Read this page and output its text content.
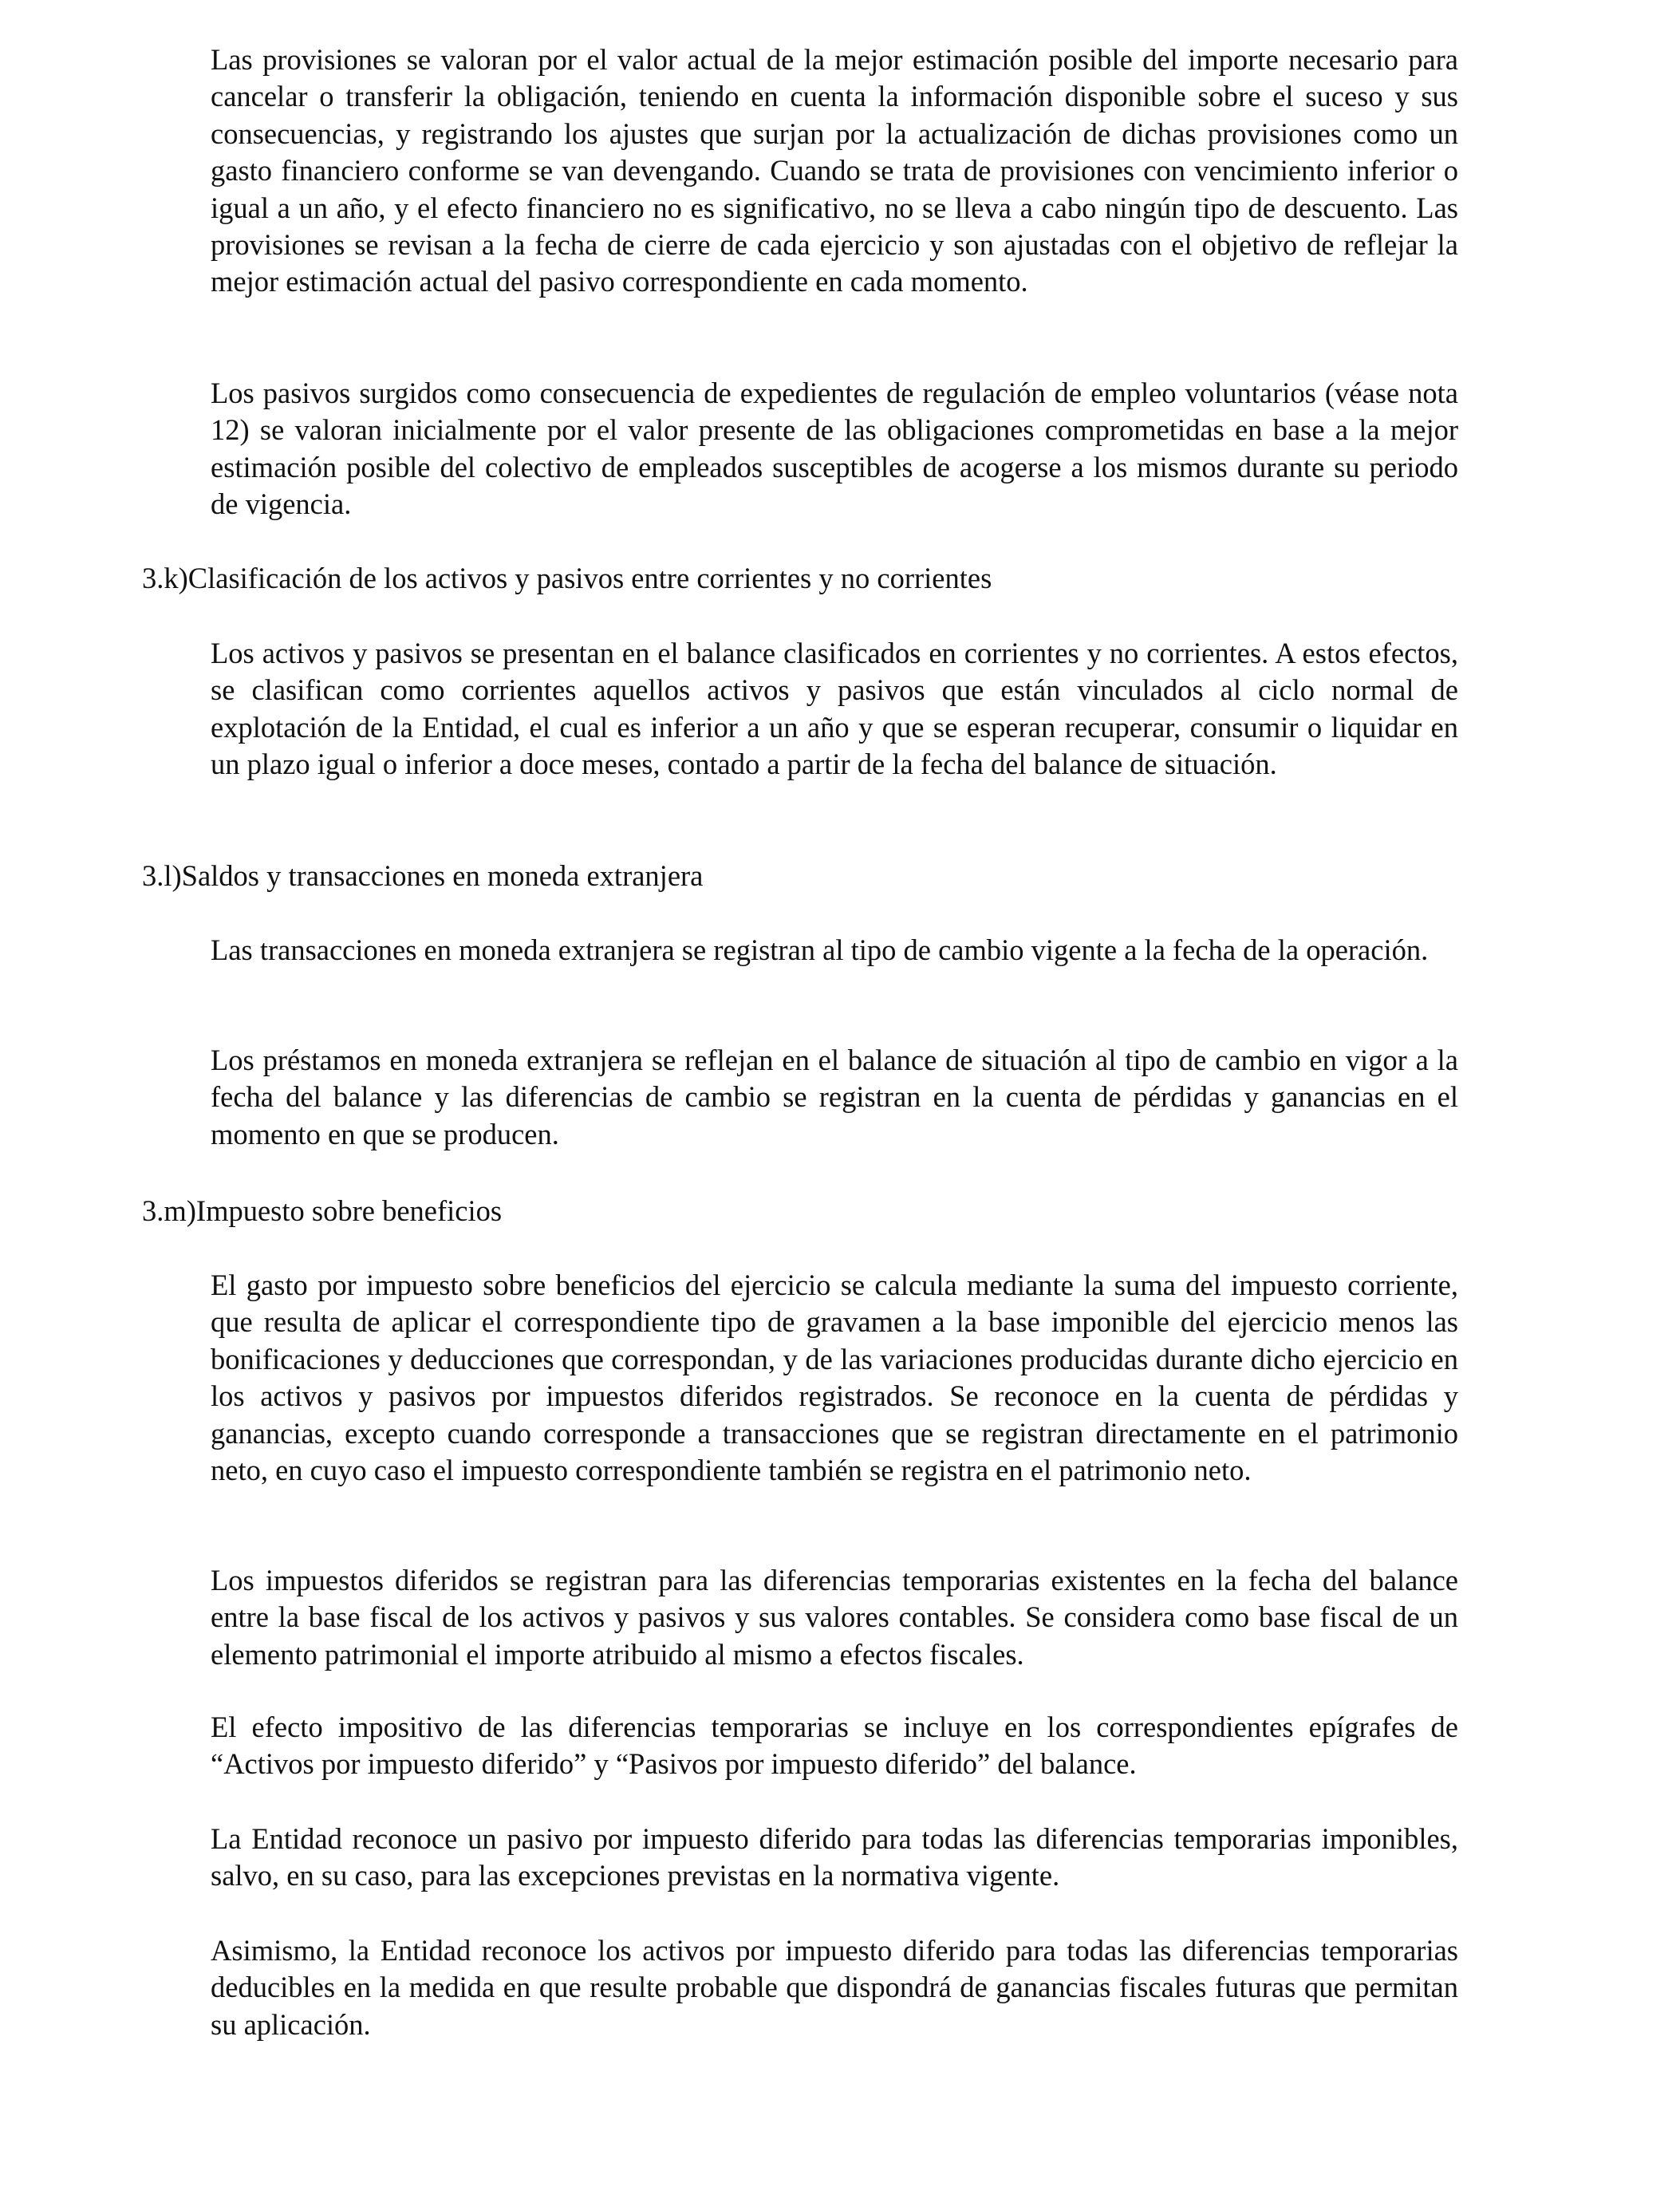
Las provisiones se valoran por el valor actual de la mejor estimación posible del importe necesario para cancelar o transferir la obligación, teniendo en cuenta la información disponible sobre el suceso y sus consecuencias, y registrando los ajustes que surjan por la actualización de dichas provisiones como un gasto financiero conforme se van devengando. Cuando se trata de provisiones con vencimiento inferior o igual a un año, y el efecto financiero no es significativo, no se lleva a cabo ningún tipo de descuento. Las provisiones se revisan a la fecha de cierre de cada ejercicio y son ajustadas con el objetivo de reflejar la mejor estimación actual del pasivo correspondiente en cada momento.

Los pasivos surgidos como consecuencia de expedientes de regulación de empleo voluntarios (véase nota 12) se valoran inicialmente por el valor presente de las obligaciones comprometidas en base a la mejor estimación posible del colectivo de empleados susceptibles de acogerse a los mismos durante su periodo de vigencia.

3.k)Clasificación de los activos y pasivos entre corrientes y no corrientes

Los activos y pasivos se presentan en el balance clasificados en corrientes y no corrientes. A estos efectos, se clasifican como corrientes aquellos activos y pasivos que están vinculados al ciclo normal de explotación de la Entidad, el cual es inferior a un año y que se esperan recuperar, consumir o liquidar en un plazo igual o inferior a doce meses, contado a partir de la fecha del balance de situación.

3.l)Saldos y transacciones en moneda extranjera

Las transacciones en moneda extranjera se registran al tipo de cambio vigente a la fecha de la operación.

Los préstamos en moneda extranjera se reflejan en el balance de situación al tipo de cambio en vigor a la fecha del balance y las diferencias de cambio se registran en la cuenta de pérdidas y ganancias en el momento en que se producen.

3.m)Impuesto sobre beneficios

El gasto por impuesto sobre beneficios del ejercicio se calcula mediante la suma del impuesto corriente, que resulta de aplicar el correspondiente tipo de gravamen a la base imponible del ejercicio menos las bonificaciones y deducciones que correspondan, y de las variaciones producidas durante dicho ejercicio en los activos y pasivos por impuestos diferidos registrados. Se reconoce en la cuenta de pérdidas y ganancias, excepto cuando corresponde a transacciones que se registran directamente en el patrimonio neto, en cuyo caso el impuesto correspondiente también se registra en el patrimonio neto.

Los impuestos diferidos se registran para las diferencias temporarias existentes en la fecha del balance entre la base fiscal de los activos y pasivos y sus valores contables. Se considera como base fiscal de un elemento patrimonial el importe atribuido al mismo a efectos fiscales.

El efecto impositivo de las diferencias temporarias se incluye en los correspondientes epígrafes de “Activos por impuesto diferido” y “Pasivos por impuesto diferido” del balance.

La Entidad reconoce un pasivo por impuesto diferido para todas las diferencias temporarias imponibles, salvo, en su caso, para las excepciones previstas en la normativa vigente.

Asimismo, la Entidad reconoce los activos por impuesto diferido para todas las diferencias temporarias deducibles en la medida en que resulte probable que dispondrá de ganancias fiscales futuras que permitan su aplicación.
